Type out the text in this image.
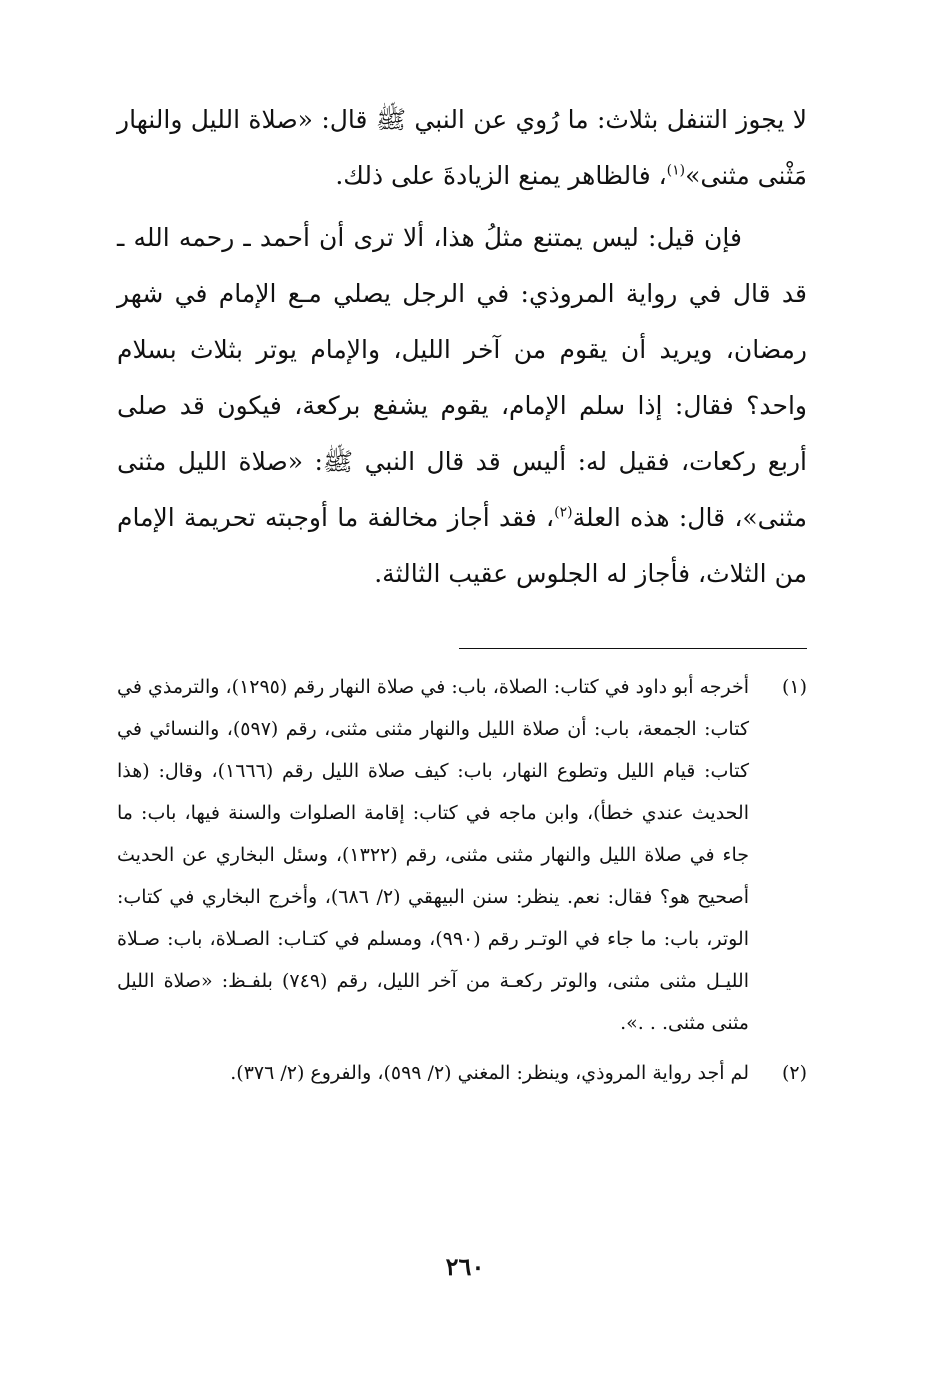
لا يجوز التنفل بثلاث: ما رُوي عن النبي ﷺ قال: «صلاة الليل والنهار مَثْنى مثنى»$^{(١)}$، فالظاهر يمنع الزيادةَ على ذلك.

فإن قيل: ليس يمتنع مثلُ هذا، ألا ترى أن أحمد ـ رحمه الله ـ قد قال في رواية المروذي: في الرجل يصلي مـع الإمام في شهر رمضان، ويريد أن يقوم من آخر الليل، والإمام يوتر بثلاث بسلام واحد؟ فقال: إذا سلم الإمام، يقوم يشفع بركعة، فيكون قد صلى أربع ركعات، فقيل له: أليس قد قال النبي ﷺ: «صلاة الليل مثنى مثنى»، قال: هذه العلة$^{(٢)}$، فقد أجاز مخالفة ما أوجبته تحريمة الإمام من الثلاث، فأجاز له الجلوس عقيب الثالثة.

(١)
أخرجه أبو داود في كتاب: الصلاة، باب: في صلاة النهار رقم (١٢٩٥)، والترمذي في كتاب: الجمعة، باب: أن صلاة الليل والنهار مثنى مثنى، رقم (٥٩٧)، والنسائي في كتاب: قيام الليل وتطوع النهار، باب: كيف صلاة الليل رقم (١٦٦٦)، وقال: (هذا الحديث عندي خطأ)، وابن ماجه في كتاب: إقامة الصلوات والسنة فيها، باب: ما جاء في صلاة الليل والنهار مثنى مثنى، رقم (١٣٢٢)، وسئل البخاري عن الحديث أصحيح هو؟ فقال: نعم. ينظر: سنن البيهقي (٢/ ٦٨٦)، وأخرج البخاري في كتاب: الوتر، باب: ما جاء في الوتـر رقم (٩٩٠)، ومسلم في كتـاب: الصـلاة، باب: صـلاة الليـل مثنى مثنى، والوتر ركعـة من آخر الليل، رقم (٧٤٩) بلفـظ: «صلاة الليل مثنى مثنى. . .».
(٢)
لم أجد رواية المروذي، وينظر: المغني (٢/ ٥٩٩)، والفروع (٢/ ٣٧٦).
٢٦٠
